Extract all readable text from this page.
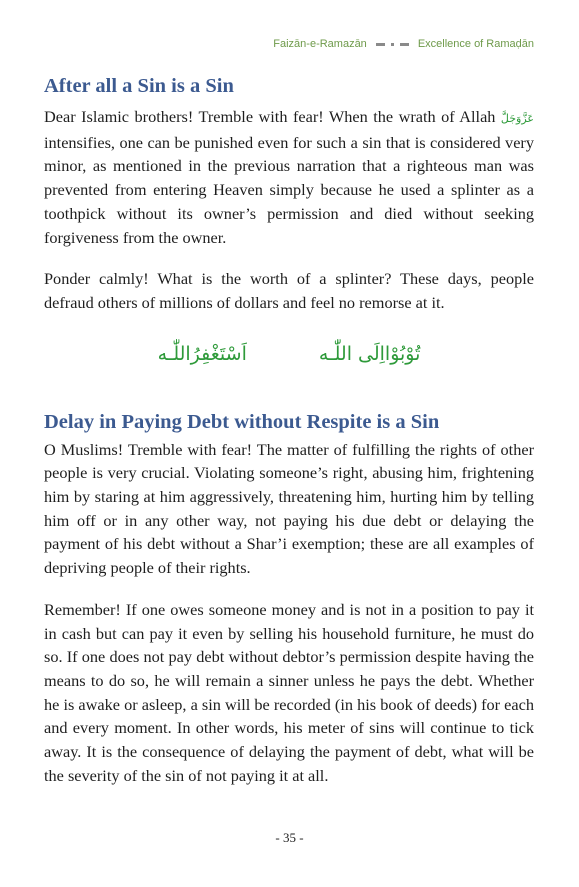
Faizān-e-Ramazān	Excellence of Ramaḍān
After all a Sin is a Sin

Dear Islamic brothers! Tremble with fear! When the wrath of Allah عَزَّوَجَلَّ intensifies, one can be punished even for such a sin that is considered very minor, as mentioned in the previous narration that a righteous man was prevented from entering Heaven simply because he used a splinter as a toothpick without its owner’s permission and died without seeking forgiveness from the owner.

Ponder calmly! What is the worth of a splinter? These days, people defraud others of millions of dollars and feel no remorse at it.

اَسْتَغْفِرُاللّٰـه	تُوْبُوْااِلَى اللّٰـه
Delay in Paying Debt without Respite is a Sin

O Muslims! Tremble with fear! The matter of fulfilling the rights of other people is very crucial. Violating someone’s right, abusing him, frightening him by staring at him aggressively, threatening him, hurting him by telling him off or in any other way, not paying his due debt or delaying the payment of his debt without a Shar’i exemption; these are all examples of depriving people of their rights.

Remember! If one owes someone money and is not in a position to pay it in cash but can pay it even by selling his household furniture, he must do so. If one does not pay debt without debtor’s permission despite having the means to do so, he will remain a sinner unless he pays the debt. Whether he is awake or asleep, a sin will be recorded (in his book of deeds) for each and every moment. In other words, his meter of sins will continue to tick away. It is the consequence of delaying the payment of debt, what will be the severity of the sin of not paying it at all.

- 35 -
